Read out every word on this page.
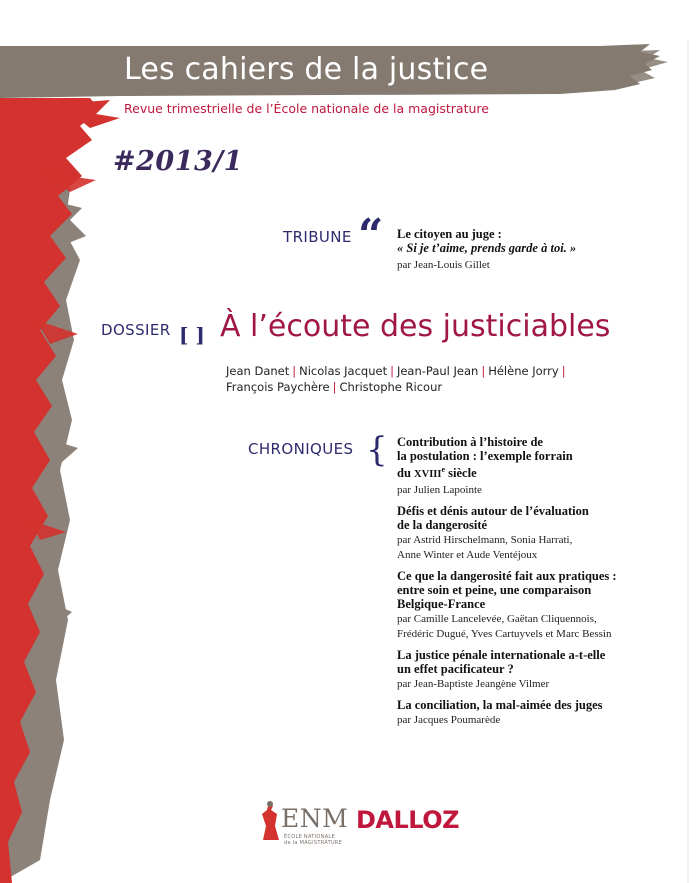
Les cahiers de la justice
Revue trimestrielle de l’École nationale de la magistrature
#2013/1
TRIBUNE “ Le citoyen au juge :
« Si je t’aime, prends garde à toi. »
par Jean-Louis Gillet
DOSSIER [ ] À l’écoute des justiciables
Jean Danet | Nicolas Jacquet | Jean-Paul Jean | Hélène Jorry |
François Paychère | Christophe Ricour
CHRONIQUES { Contribution à l’histoire de
la postulation : l’exemple forrain
du XVIIIe siècle
par Julien Lapointe
Défis et dénis autour de l’évaluation
de la dangerosité
par Astrid Hirschelmann, Sonia Harrati,
Anne Winter et Aude Ventéjoux
Ce que la dangerosité fait aux pratiques :
entre soin et peine, une comparaison
Belgique-France
par Camille Lancelevée, Gaëtan Cliquennois,
Frédéric Dugué, Yves Cartuyvels et Marc Bessin
La justice pénale internationale a-t-elle
un effet pacificateur ?
par Jean-Baptiste Jeangène Vilmer
La conciliation, la mal-aimée des juges
par Jacques Poumarède
ENM
ÉCOLE NATIONALE
de la MAGISTRATURE
DALLOZ
